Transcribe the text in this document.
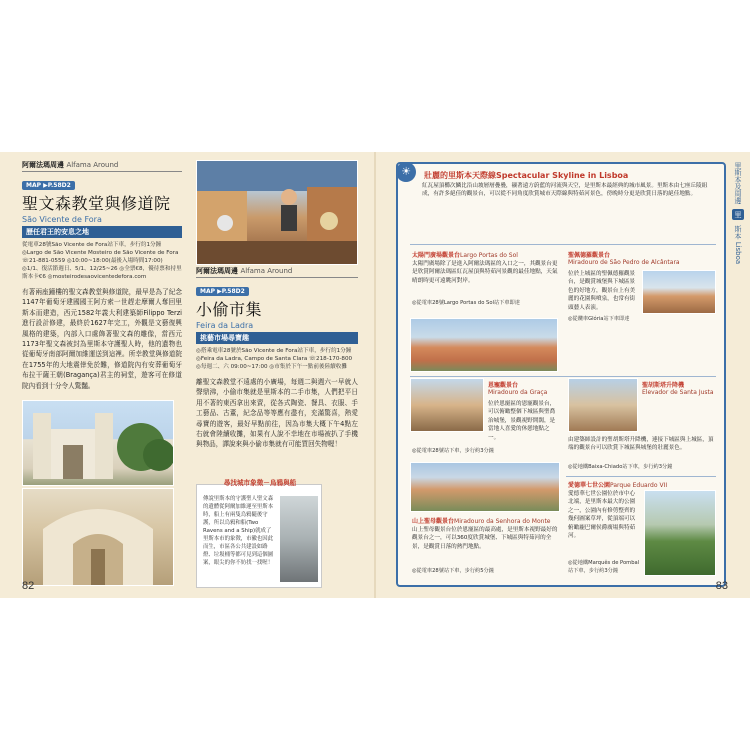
阿爾法瑪周邊 Alfama Around
MAP ▶P.58D2
聖文森教堂與修道院
São Vicente de Fora
歷任君王的安息之地
從電車28號São Vicente de Fora站下車，步行約1分鐘 ◎Largo de São Vicente Mosteiro de São Vicente de Fora ☏21-881-0559 ◎10:00~18:00(最後入場時間17:00) ◎1/1、復活節週日、5/1、12/25~26 ◎全票€8，優待票和持里斯本卡€6 ◎mosteirodesaovicentedefora.com
有著兩座鐘樓的聖文森教堂與修道院，最早是為了紀念1147年葡萄牙建國國王阿方索一世趕走摩爾人奪回里斯本而建造，西元1582年義大利建築師Filippo Terzi進行設計修建，最終於1627年完工，外觀是文藝復興風格的建築，內部入口處飾著聖文森的雕像，當西元1173年聖文森被封為里斯本守護聖人時，他的遺物也從葡萄牙南部阿爾加維運送到這裡。所幸教堂與修道院在1755年的大地震倖免於難，修道院內有安葬葡萄牙布拉干薩王朝(Bragança)君主的祠堂，遊客可在修道院內看到十分令人驚豔。
阿爾法瑪周邊 Alfama Around
MAP ▶P.58D2
小偷市集
Feira da Ladra
挑藝市場尋寶趣
◎搭乘電車28號於São Vicente de Fora站下車，步行約1分鐘 ◎Feira da Ladra, Campo de Santa Clara ☏218-170-800 ◎每週二、六 09:00~17:00 ◎市集於下午一點前後陸續收攤
離聖文森教堂不遠處的小廣場，每週二與週六一早就人聲鼎沸，小偷市集就是里斯本的二手市集，人們把平日用不著的東西拿出來賣，從各式陶瓷、餐具、衣服、手工藝品、古董，紀念品等等應有盡有，充滿驚喜，熱愛尋寶的遊客，最好早點前往，因為市集大概下午4點左右就會陸續收攤，如果有人說不幸地在市場被扒了手機與物品，譯說來與小偷市集就有可能買回失物喔！
尋找城市象徵－烏鴉與船
傳說里斯本的守護聖人聖文森的遺體從阿爾加維運至里斯本時，船上有兩隻烏鴉隨後守護，所以烏鴉和船(Two Ravens and a Ship)就成了里斯本市的象徵，市徽也因此而生，市區各公共建設如路燈、垃圾桶等都可見到這個圖案，眼尖的你不妨找一找喔！
☀	壯麗的里斯本天際線Spectacular Skyline in Lisboa
紅瓦屋頂櫛次鱗比沿山坡層層疊疊，襯著遠方蔚藍的河流與天空，是里斯本最經典的城市風景。里斯本由七座丘陵組成，有許多絕佳的觀景台，可以從不同角度欣賞城市天際線與特茹河景色，傍晚時分更是欣賞日落的絕佳地點。
太陽門廣場觀景台Largo Portas do Sol
太陽門廣場除了是進入阿爾法瑪區的入口之一，其觀景台更是欣賞阿爾法瑪區紅瓦屋頂與特茹河景觀的最佳地點，天氣晴朗時更可遠眺河對岸。
◎從電車28號Largo Portas do Sol站下車即達
聖佩德羅觀景台
Miradouro de São Pedro de Alcântara
位於上城區的聖佩德羅觀景台，是觀賞城堡與下城區景色的好地方，觀景台上有美麗的花園與噴泉，也常有街頭藝人表演。
◎從纜車Glória站下車即達
恩寵觀景台
Miradouro da Graça
位於恩寵區的恩寵觀景台，可以俯瞰整個下城區與聖喬治城堡，景觀視野開闊，是當地人喜愛的休憩地點之一。
◎從電車28號站下車，步行約3分鐘
聖胡斯塔升降機
Elevador de Santa Justa
由建築師設計的聖胡斯塔升降機，連接下城區與上城區，頂端的觀景台可以欣賞下城區與城堡的壯麗景色。
◎從地鐵Baixa-Chiado站下車，步行約3分鐘
山上聖母觀景台Miradouro da Senhora do Monte
山上聖母觀景台位於恩寵區的最高處，是里斯本視野最好的觀景台之一，可以360度欣賞城堡、下城區與特茹河的全景，是觀賞日落的熱門地點。
◎從電車28號站下車，步行約5分鐘
愛德華七世公園Parque Eduardo VII
愛德華七世公園位於市中心北端，是里斯本最大的公園之一，公園內有修剪整齊的幾何圖案草坪，從頂端可以俯瞰龐巴爾侯爵廣場與特茹河。
◎從地鐵Marquês de Pombal站下車，步行約3分鐘
里斯本及周邊 里 斯本 Lisboa
82	83
